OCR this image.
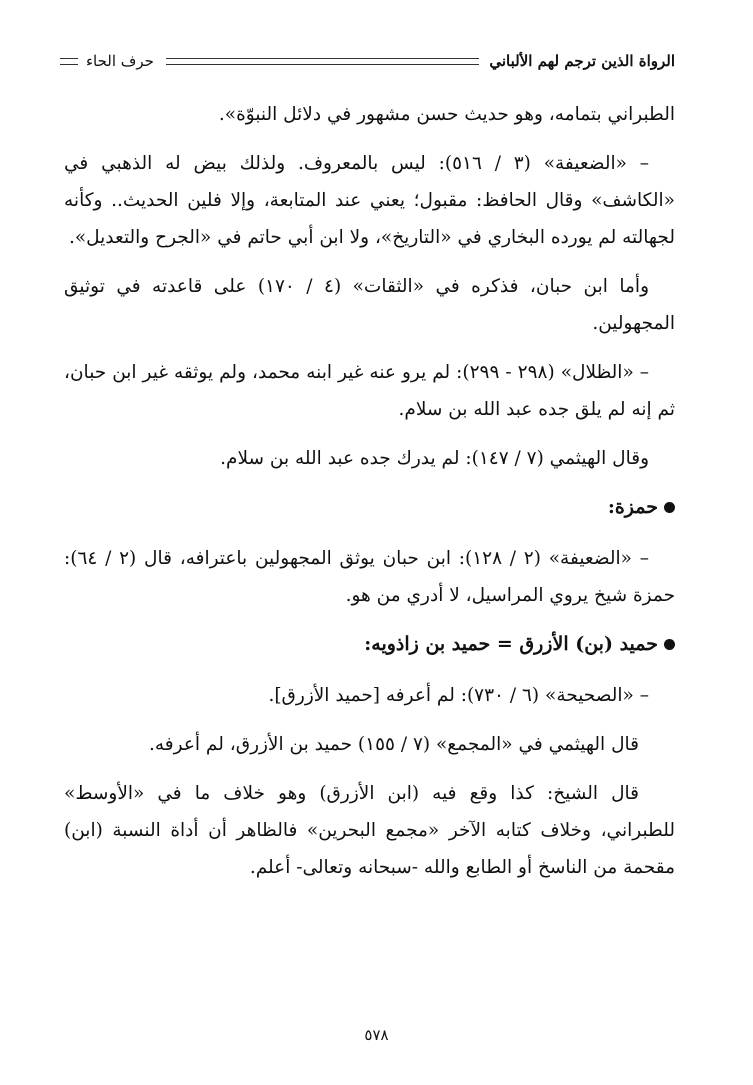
الرواة الذين ترجم لهم الألباني
حرف الحاء

الطبراني بتمامه، وهو حديث حسن مشهور في دلائل النبوّة».

– «الضعيفة» (٣ / ٥١٦): ليس بالمعروف. ولذلك بيض له الذهبي في «الكاشف» وقال الحافظ: مقبول؛ يعني عند المتابعة، وإلا فلين الحديث.. وكأنه لجهالته لم يورده البخاري في «التاريخ»، ولا ابن أبي حاتم في «الجرح والتعديل».

وأما ابن حبان، فذكره في «الثقات» (٤ / ١٧٠) على قاعدته في توثيق المجهولين.

– «الظلال» (٢٩٨ - ٢٩٩): لم يرو عنه غير ابنه محمد، ولم يوثقه غير ابن حبان، ثم إنه لم يلق جده عبد الله بن سلام.

وقال الهيثمي (٧ / ١٤٧): لم يدرك جده عبد الله بن سلام.

حمزة:

– «الضعيفة» (٢ / ١٢٨): ابن حبان يوثق المجهولين باعترافه، قال (٢ / ٦٤): حمزة شيخ يروي المراسيل، لا أدري من هو.

حميد (بن) الأزرق = حميد بن زاذويه:

– «الصحيحة» (٦ / ٧٣٠): لم أعرفه [حميد الأزرق].

قال الهيثمي في «المجمع» (٧ / ١٥٥) حميد بن الأزرق، لم أعرفه.

قال الشيخ: كذا وقع فيه (ابن الأزرق) وهو خلاف ما في «الأوسط» للطبراني، وخلاف كتابه الآخر «مجمع البحرين» فالظاهر أن أداة النسبة (ابن) مقحمة من الناسخ أو الطابع والله -سبحانه وتعالى- أعلم.

٥٧٨
